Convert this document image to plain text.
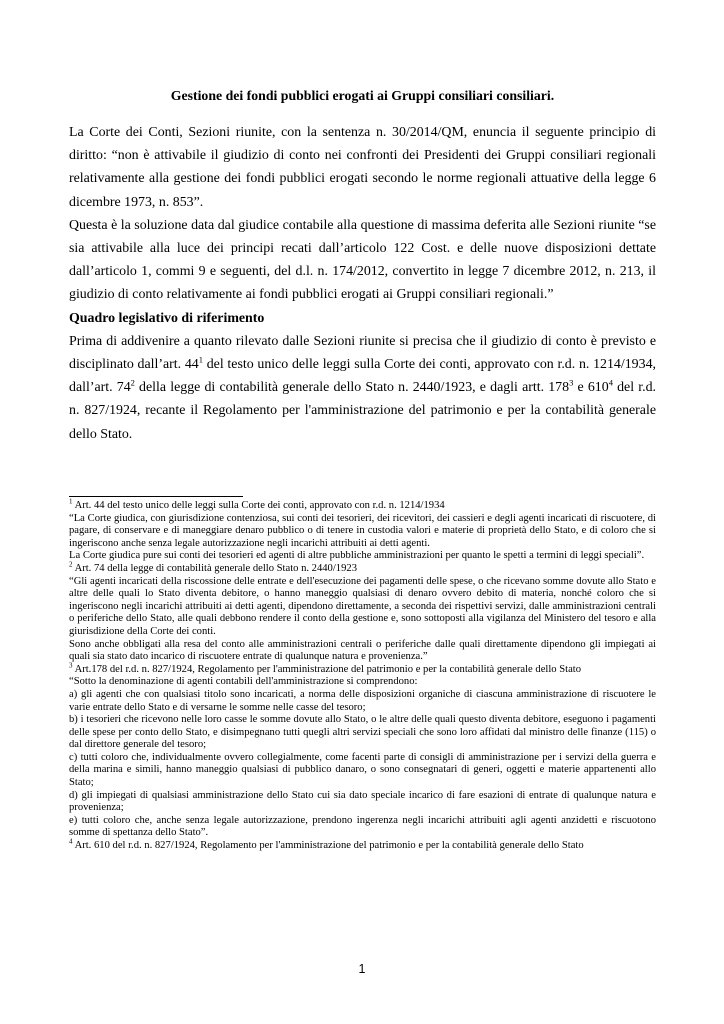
Gestione dei fondi pubblici erogati ai Gruppi consiliari consiliari.

La Corte dei Conti, Sezioni riunite, con la sentenza n. 30/2014/QM, enuncia il seguente principio di diritto: “non è attivabile il giudizio di conto nei confronti dei Presidenti dei Gruppi consiliari regionali relativamente alla gestione dei fondi pubblici erogati secondo le norme regionali attuative della legge 6 dicembre 1973, n. 853”.

Questa è la soluzione data dal giudice contabile alla questione di massima deferita alle Sezioni riunite “se sia attivabile alla luce dei principi recati dall’articolo 122 Cost. e delle nuove disposizioni dettate dall’articolo 1, commi 9 e seguenti, del d.l. n. 174/2012, convertito in legge 7 dicembre 2012, n. 213, il giudizio di conto relativamente ai fondi pubblici erogati ai Gruppi consiliari regionali.”

Quadro legislativo di riferimento

Prima di addivenire a quanto rilevato dalle Sezioni riunite si precisa che il giudizio di conto è previsto e disciplinato dall’art. $44^1$ del testo unico delle leggi sulla Corte dei conti, approvato con r.d. n. 1214/1934, dall’art. $74^2$ della legge di contabilità generale dello Stato n. 2440/1923, e dagli artt. $178^3$ e $610^4$ del r.d. n. 827/1924, recante il Regolamento per l'amministrazione del patrimonio e per la contabilità generale dello Stato.

$^1$ Art. 44 del testo unico delle leggi sulla Corte dei conti, approvato con r.d. n. 1214/1934

“La Corte giudica, con giurisdizione contenziosa, sui conti dei tesorieri, dei ricevitori, dei cassieri e degli agenti incaricati di riscuotere, di pagare, di conservare e di maneggiare denaro pubblico o di tenere in custodia valori e materie di proprietà dello Stato, e di coloro che si ingeriscono anche senza legale autorizzazione negli incarichi attribuiti ai detti agenti.

La Corte giudica pure sui conti dei tesorieri ed agenti di altre pubbliche amministrazioni per quanto le spetti a termini di leggi speciali”.

$^2$ Art. 74 della legge di contabilità generale dello Stato n. 2440/1923

“Gli agenti incaricati della riscossione delle entrate e dell'esecuzione dei pagamenti delle spese, o che ricevano somme dovute allo Stato e altre delle quali lo Stato diventa debitore, o hanno maneggio qualsiasi di denaro ovvero debito di materia, nonché coloro che si ingeriscono negli incarichi attribuiti ai detti agenti, dipendono direttamente, a seconda dei rispettivi servizi, dalle amministrazioni centrali o periferiche dello Stato, alle quali debbono rendere il conto della gestione e, sono sottoposti alla vigilanza del Ministero del tesoro e alla giurisdizione della Corte dei conti.

Sono anche obbligati alla resa del conto alle amministrazioni centrali o periferiche dalle quali direttamente dipendono gli impiegati ai quali sia stato dato incarico di riscuotere entrate di qualunque natura e provenienza.”

$^3$ Art.178 del r.d. n. 827/1924, Regolamento per l'amministrazione del patrimonio e per la contabilità generale dello Stato

“Sotto la denominazione di agenti contabili dell'amministrazione si comprendono:

a) gli agenti che con qualsiasi titolo sono incaricati, a norma delle disposizioni organiche di ciascuna amministrazione di riscuotere le varie entrate dello Stato e di versarne le somme nelle casse del tesoro;

b) i tesorieri che ricevono nelle loro casse le somme dovute allo Stato, o le altre delle quali questo diventa debitore, eseguono i pagamenti delle spese per conto dello Stato, e disimpegnano tutti quegli altri servizi speciali che sono loro affidati dal ministro delle finanze (115) o dal direttore generale del tesoro;

c) tutti coloro che, individualmente ovvero collegialmente, come facenti parte di consigli di amministrazione per i servizi della guerra e della marina e simili, hanno maneggio qualsiasi di pubblico danaro, o sono consegnatari di generi, oggetti e materie appartenenti allo Stato;

d) gli impiegati di qualsiasi amministrazione dello Stato cui sia dato speciale incarico di fare esazioni di entrate di qualunque natura e provenienza;

e) tutti coloro che, anche senza legale autorizzazione, prendono ingerenza negli incarichi attribuiti agli agenti anzidetti e riscuotono somme di spettanza dello Stato”.

$^4$ Art. 610 del r.d. n. 827/1924, Regolamento per l'amministrazione del patrimonio e per la contabilità generale dello Stato

1
